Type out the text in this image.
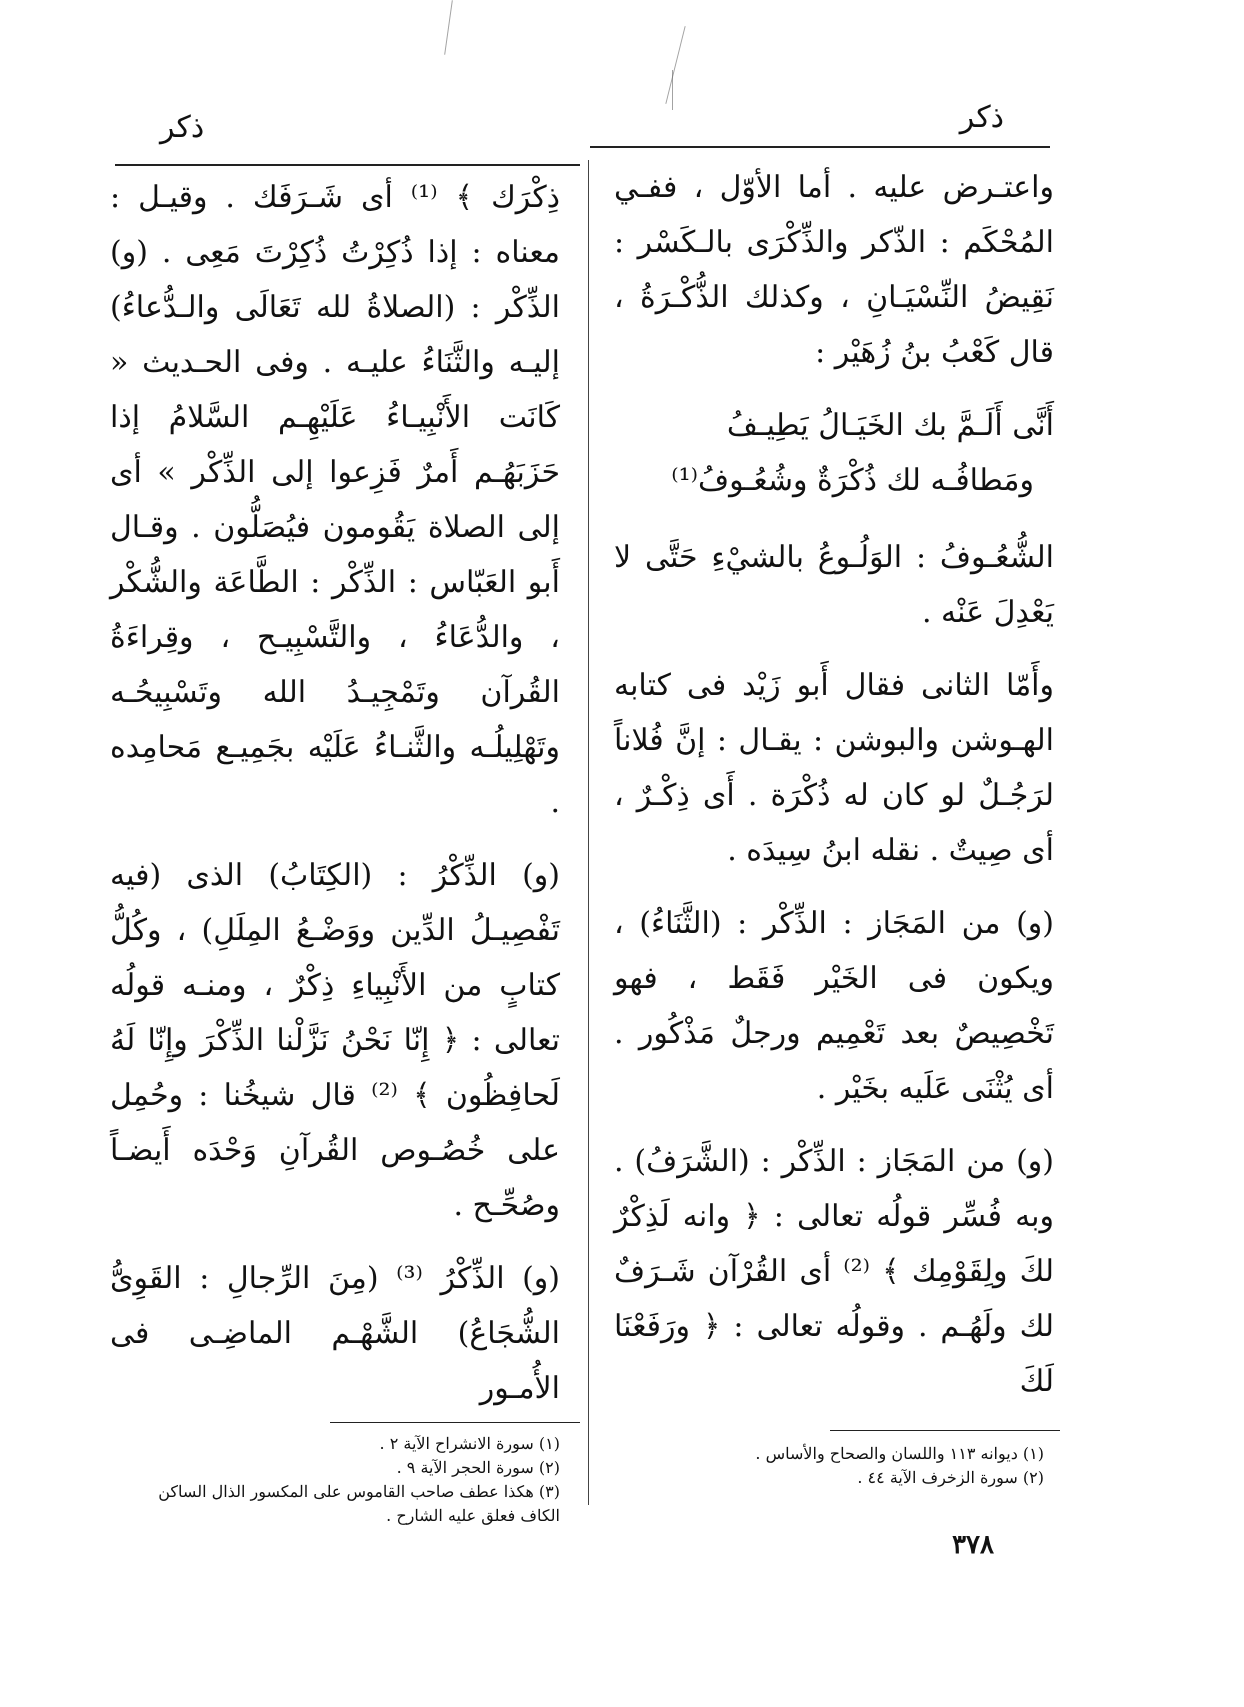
ذكر
ذكر

واعتـرض عليه . أما الأوّل ، ففـي المُحْكَم : الذّكر والذِّكْرَى بالـكَسْر : نَقِيضُ النِّسْيَـانِ ، وكذلك الذُّكْـرَةُ ، قال كَعْبُ بنُ زُهَيْر :

أَنَّى أَلَـمَّ بك الخَيَـالُ يَطِيـفُ
ومَطافُـه لك ذُكْرَةٌ وشُعُـوفُ⁽¹⁾

الشُّعُـوفُ : الوَلُـوعُ بالشيْءِ حَتَّى لا يَعْدِلَ عَنْه .

وأَمّا الثانى فقال أَبو زَيْد فى كتابه الهـوشن والبوشن : يقـال : إنَّ فُلاناً لرَجُـلٌ لو كان له ذُكْرَة . أَى ذِكْـرٌ ، أى صِيتٌ . نقله ابنُ سِيدَه .

(و) من المَجَاز : الذِّكْر : (الثَّنَاءُ) ، ويكون فى الخَيْر فَقَط ، فهو تَخْصِيصٌ بعد تَعْمِيم ورجلٌ مَذْكُور . أى يُثْنَى عَلَيه بخَيْر .

(و) من المَجَاز : الذِّكْر : (الشَّرَفُ) . وبه فُسِّر قولُه تعالى : ﴿ وانه لَذِكْرٌ لكَ ولِقَوْمِك ﴾ ⁽²⁾ أى القُرْآن شَـرَفٌ لك ولَهُـم . وقولُه تعالى : ﴿ ورَفَعْنَا لَكَ

ذِكْرَك ﴾ ⁽¹⁾ أى شَـرَفَك . وقيـل : معناه : إذا ذُكِرْتُ ذُكِرْتَ مَعِى . (و) الذِّكْر : (الصلاةُ لله تَعَالَى والـدُّعاءُ) إليـه والثَّنَاءُ عليـه . وفى الحـديث « كَانَت الأَنْبِيـاءُ عَلَيْهِـم السَّلامُ إذا حَزَبَهُـم أَمرٌ فَزِعوا إلى الذِّكْر » أى إلى الصلاة يَقُومون فيُصَلُّون . وقـال أَبو العَبّاس : الذِّكْر : الطَّاعَة والشُّكْر ، والدُّعَاءُ ، والتَّسْبِيـح ، وقِراءَةُ القُرآن وتَمْجِيـدُ الله وتَسْبِيحُـه وتَهْلِيلُـه والثَّنـاءُ عَلَيْه بجَمِيـع مَحامِده .

(و) الذِّكْرُ : (الكِتَابُ) الذى (فيه تَفْصِيـلُ الدِّين ووَضْـعُ المِلَلِ) ، وكُلُّ كتابٍ من الأَنْبِياءِ ذِكْرٌ ، ومنـه قولُه تعالى : ﴿ إِنّا نَحْنُ نَزَّلْنا الذِّكْرَ وإِنّا لَهُ لَحافِظُون ﴾ ⁽²⁾ قال شيخُنا : وحُمِل على خُصُـوص القُرآنِ وَحْدَه أَيضـاً وصُحِّـح .

(و) الذِّكْرُ ⁽³⁾ (مِنَ الرِّجالِ : القَوِىُّ الشُّجَاعُ) الشَّهْـم الماضِـى فى الأُمـور

(١) ديوانه ١١٣ واللسان والصحاح والأساس .
(٢) سورة الزخرف الآية ٤٤ .
(١) سورة الانشراح الآية ٢ .
(٢) سورة الحجر الآية ٩ .
(٣) هكذا عطف صاحب القاموس على المكسور الذال الساكن الكاف فعلق عليه الشارح .
٣٧٨
